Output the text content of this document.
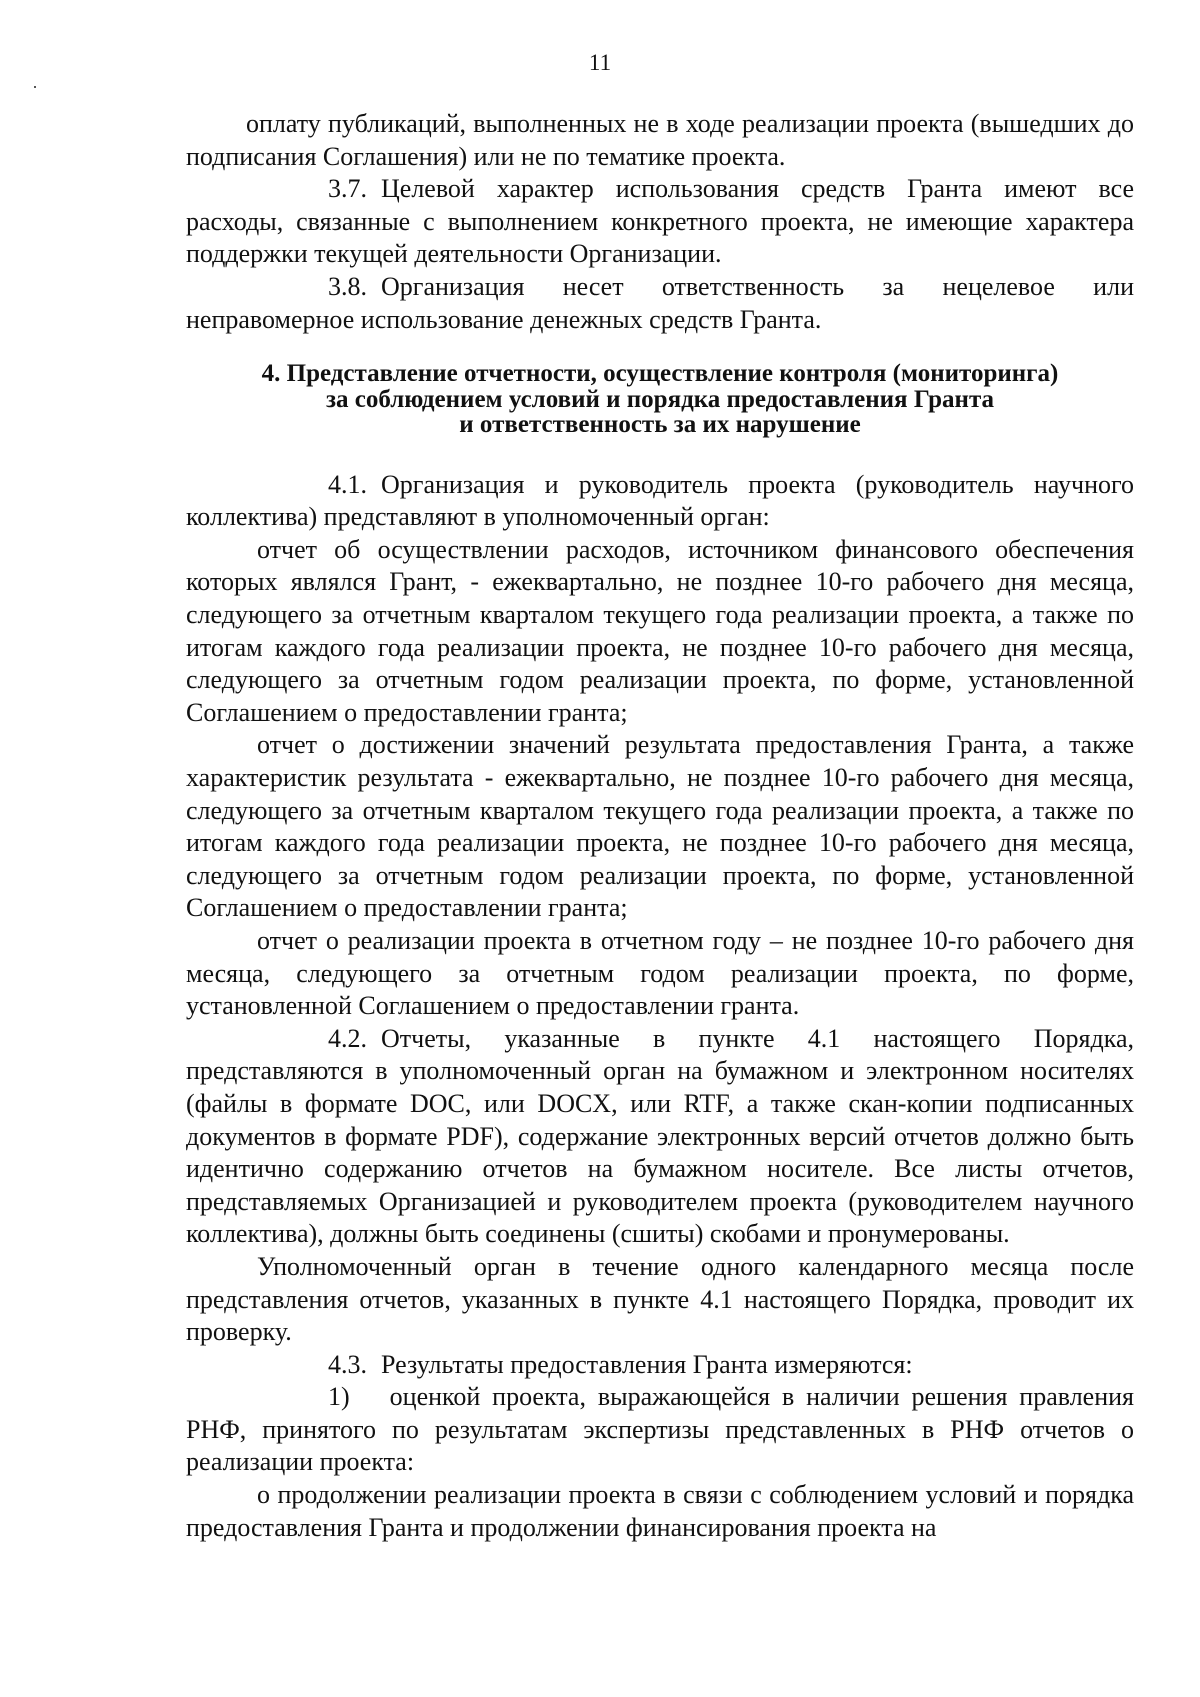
11

оплату публикаций, выполненных не в ходе реализации проекта (вышедших до подписания Соглашения) или не по тематике проекта.

3.7. Целевой характер использования средств Гранта имеют все расходы, связанные с выполнением конкретного проекта, не имеющие характера поддержки текущей деятельности Организации.

3.8. Организация несет ответственность за нецелевое или неправомерное использование денежных средств Гранта.

4. Представление отчетности, осуществление контроля (мониторинга)
за соблюдением условий и порядка предоставления Гранта
и ответственность за их нарушение

4.1. Организация и руководитель проекта (руководитель научного коллектива) представляют в уполномоченный орган:

отчет об осуществлении расходов, источником финансового обеспечения которых являлся Грант, - ежеквартально, не позднее 10-го рабочего дня месяца, следующего за отчетным кварталом текущего года реализации проекта, а также по итогам каждого года реализации проекта, не позднее 10-го рабочего дня месяца, следующего за отчетным годом реализации проекта, по форме, установленной Соглашением о предоставлении гранта;

отчет о достижении значений результата предоставления Гранта, а также характеристик результата - ежеквартально, не позднее 10-го рабочего дня месяца, следующего за отчетным кварталом текущего года реализации проекта, а также по итогам каждого года реализации проекта, не позднее 10-го рабочего дня месяца, следующего за отчетным годом реализации проекта, по форме, установленной Соглашением о предоставлении гранта;

отчет о реализации проекта в отчетном году – не позднее 10-го рабочего дня месяца, следующего за отчетным годом реализации проекта, по форме, установленной Соглашением о предоставлении гранта.

4.2. Отчеты, указанные в пункте 4.1 настоящего Порядка, представляются в уполномоченный орган на бумажном и электронном носителях (файлы в формате DOC, или DOCX, или RTF, а также скан-копии подписанных документов в формате PDF), содержание электронных версий отчетов должно быть идентично содержанию отчетов на бумажном носителе. Все листы отчетов, представляемых Организацией и руководителем проекта (руководителем научного коллектива), должны быть соединены (сшиты) скобами и пронумерованы.

Уполномоченный орган в течение одного календарного месяца после представления отчетов, указанных в пункте 4.1 настоящего Порядка, проводит их проверку.

4.3. Результаты предоставления Гранта измеряются:

1) оценкой проекта, выражающейся в наличии решения правления РНФ, принятого по результатам экспертизы представленных в РНФ отчетов о реализации проекта:

о продолжении реализации проекта в связи с соблюдением условий и порядка предоставления Гранта и продолжении финансирования проекта на
